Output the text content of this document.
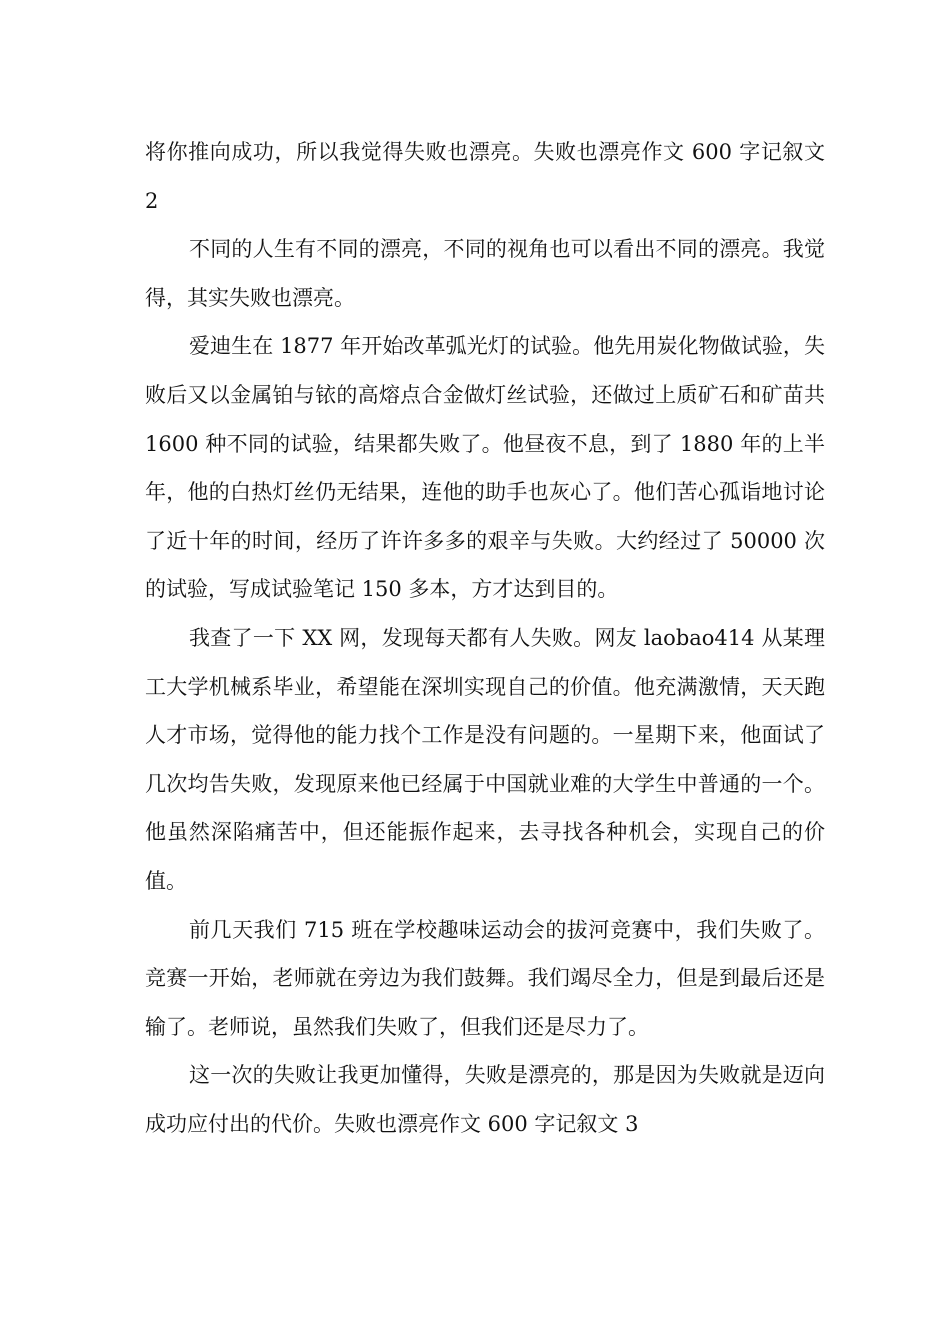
将你推向成功，所以我觉得失败也漂亮。失败也漂亮作文 600 字记叙文 2

不同的人生有不同的漂亮，不同的视角也可以看出不同的漂亮。我觉得，其实失败也漂亮。

爱迪生在 1877 年开始改革弧光灯的试验。他先用炭化物做试验，失败后又以金属铂与铱的高熔点合金做灯丝试验，还做过上质矿石和矿苗共 1600 种不同的试验，结果都失败了。他昼夜不息，到了 1880 年的上半年，他的白热灯丝仍无结果，连他的助手也灰心了。他们苦心孤诣地讨论了近十年的时间，经历了许许多多的艰辛与失败。大约经过了 50000 次的试验，写成试验笔记 150 多本，方才达到目的。

我查了一下 XX 网，发现每天都有人失败。网友 laobao414 从某理工大学机械系毕业，希望能在深圳实现自己的价值。他充满激情，天天跑人才市场，觉得他的能力找个工作是没有问题的。一星期下来，他面试了几次均告失败，发现原来他已经属于中国就业难的大学生中普通的一个。他虽然深陷痛苦中，但还能振作起来，去寻找各种机会，实现自己的价值。

前几天我们 715 班在学校趣味运动会的拔河竞赛中，我们失败了。竞赛一开始，老师就在旁边为我们鼓舞。我们竭尽全力，但是到最后还是输了。老师说，虽然我们失败了，但我们还是尽力了。

这一次的失败让我更加懂得，失败是漂亮的，那是因为失败就是迈向成功应付出的代价。失败也漂亮作文 600 字记叙文 3
